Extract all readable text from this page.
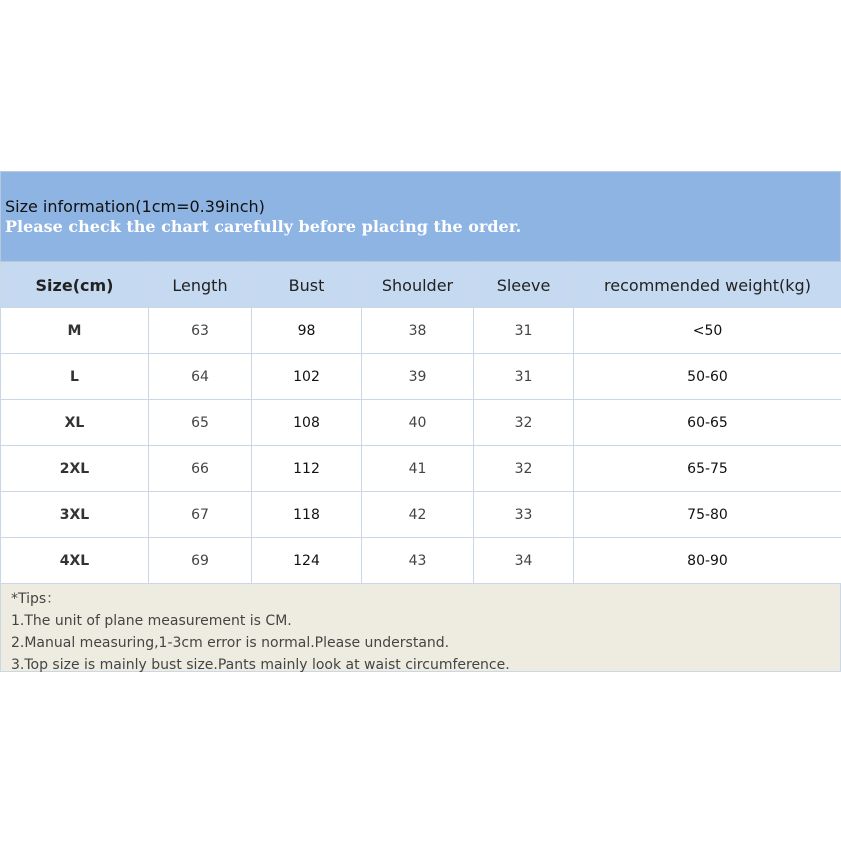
Size information(1cm=0.39inch)
Please check the chart carefully before placing the order.
Size(cm)	Length	Bust	Shoulder	Sleeve	recommended weight(kg)
M	63	98	38	31	<50
L	64	102	39	31	50-60
XL	65	108	40	32	60-65
2XL	66	112	41	32	65-75
3XL	67	118	42	33	75-80
4XL	69	124	43	34	80-90
*Tips：
1.The unit of plane measurement is CM.
2.Manual measuring,1-3cm error is normal.Please understand.
3.Top size is mainly bust size.Pants mainly look at waist circumference.
